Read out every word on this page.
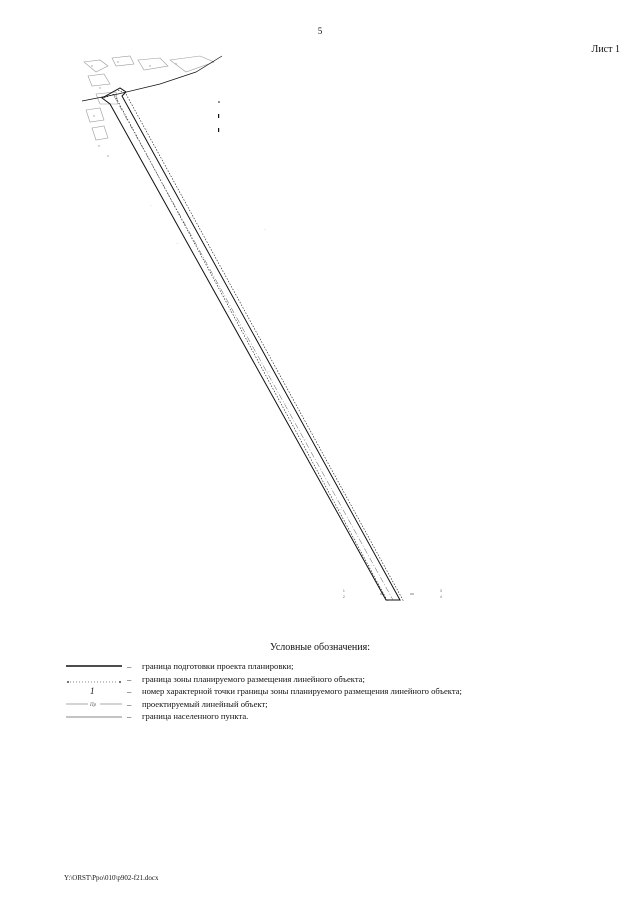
5
Лист 1
·––
·––
·––
–·
–·
·––
·––
–·
·––
–·
·––
–·
·––
–·
·––
–
·
1
2
3
4
Условные обозначения:
– граница подготовки проекта планировки;
– граница зоны планируемого размещения линейного объекта;
1	– номер характерной точки границы зоны планируемого размещения линейного объекта;
Пр	– проектируемый линейный объект;
– граница населенного пункта.
Y:\ORST\Ppo\010\p902-f21.docx
